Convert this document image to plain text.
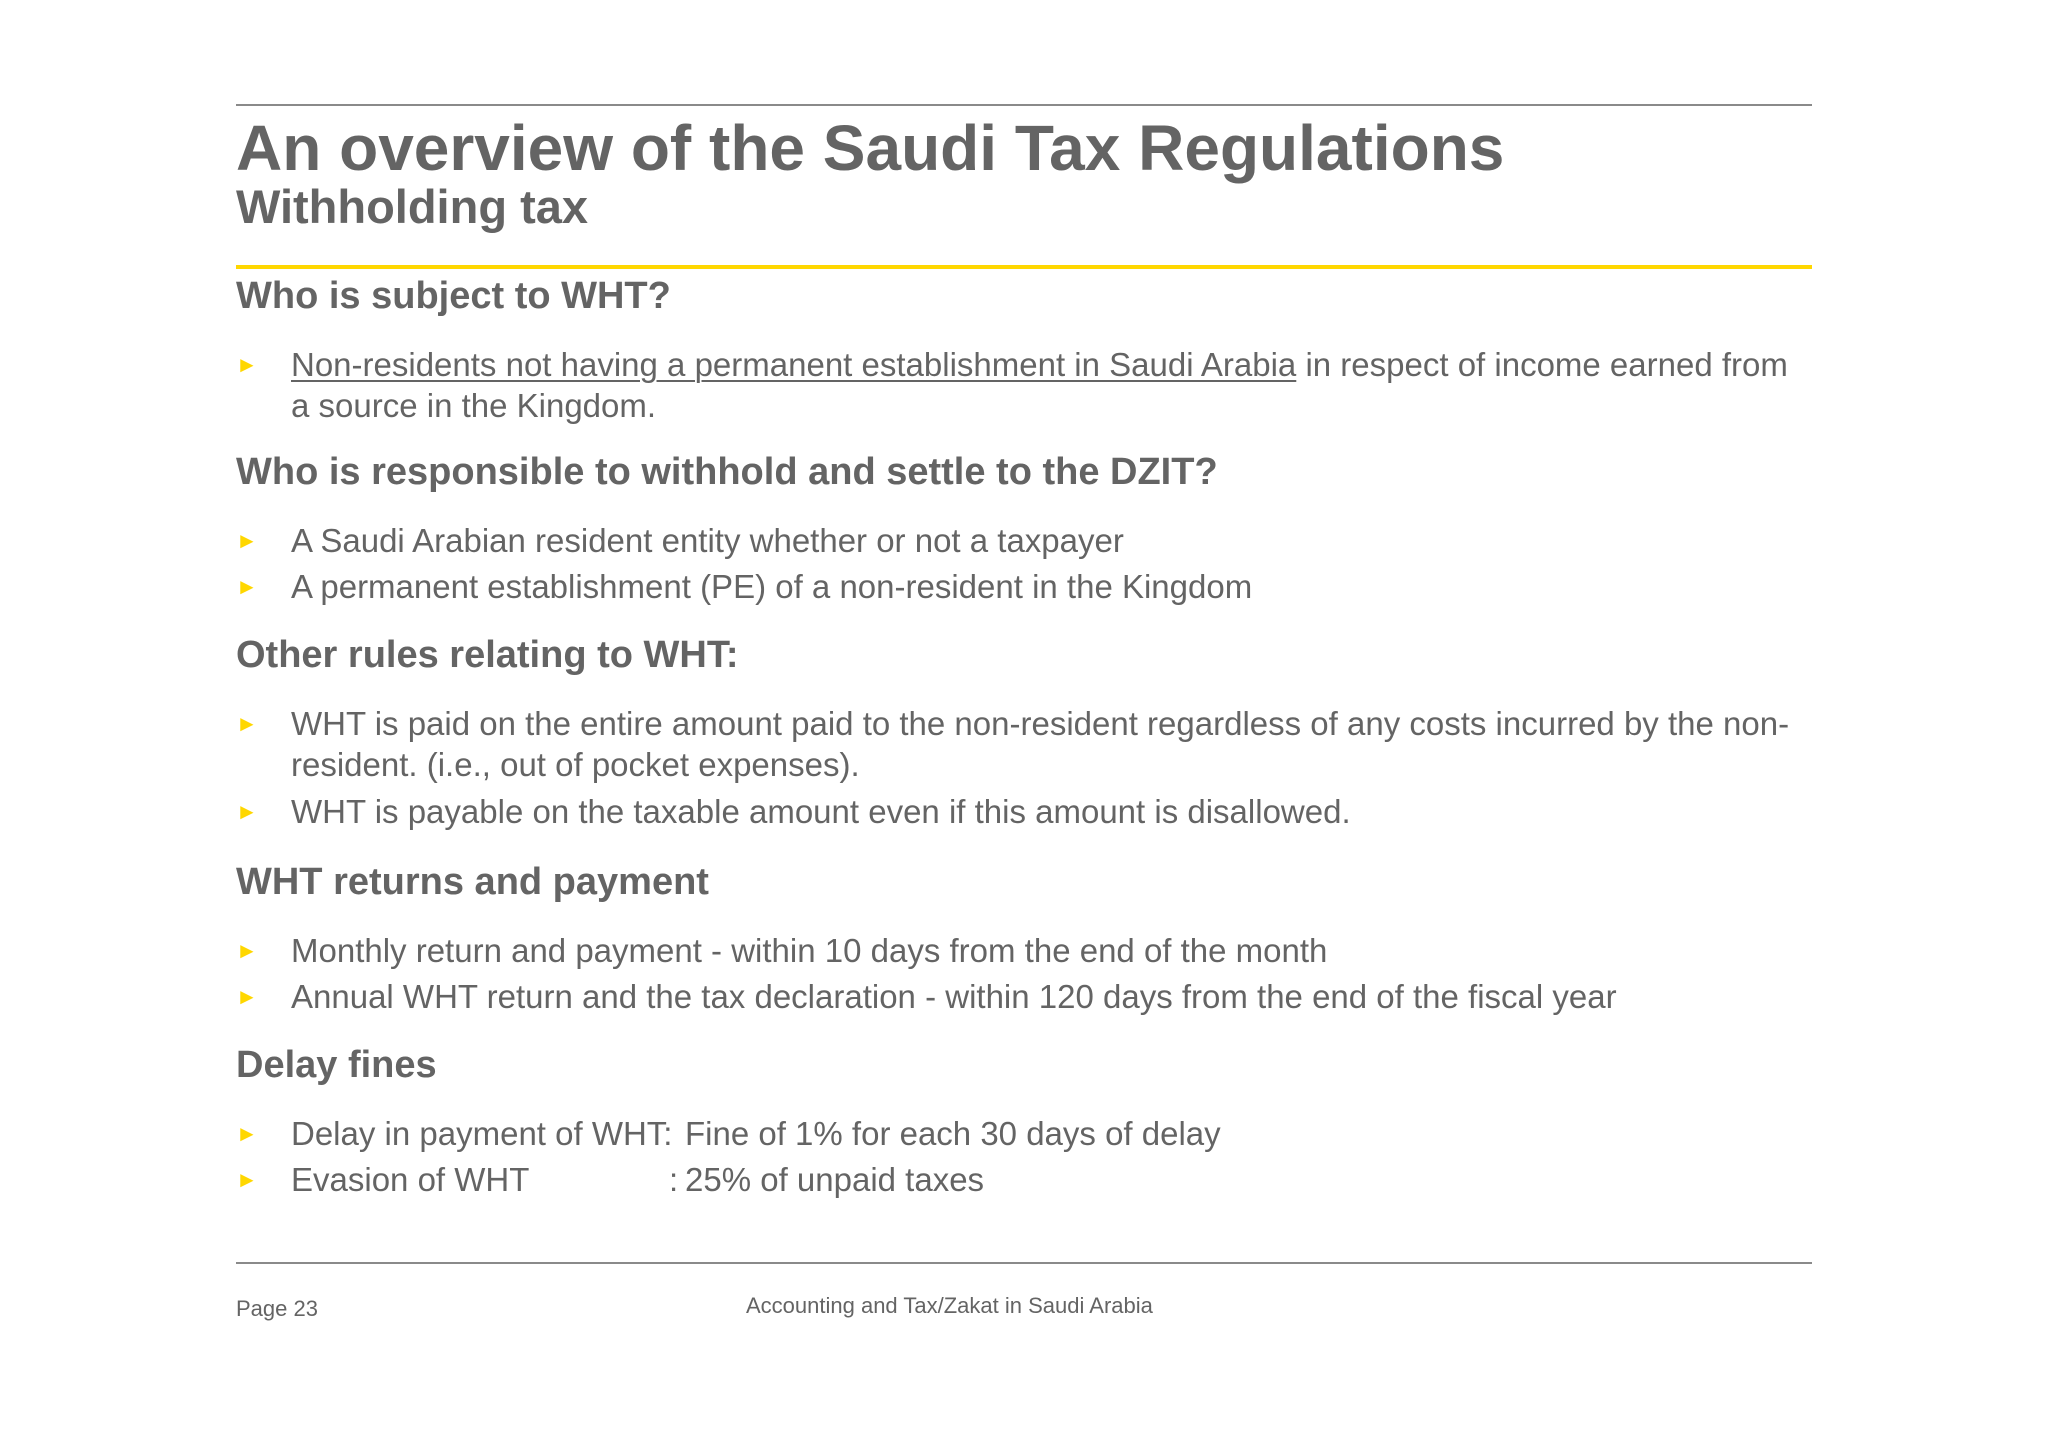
An overview of the Saudi Tax Regulations
Withholding tax
Who is subject to WHT?
► Non-residents not having a permanent establishment in Saudi Arabia in respect of income earned from a source in the Kingdom.
Who is responsible to withhold and settle to the DZIT?
► A Saudi Arabian resident entity whether or not a taxpayer
► A permanent establishment (PE) of a non-resident in the Kingdom
Other rules relating to WHT:
► WHT is paid on the entire amount paid to the non-resident regardless of any costs incurred by the non-resident. (i.e., out of pocket expenses).
► WHT is payable on the taxable amount even if this amount is disallowed.
WHT returns and payment
► Monthly return and payment - within 10 days from the end of the month
► Annual WHT return and the tax declaration - within 120 days from the end of the fiscal year
Delay fines
► Delay in payment of WHT: Fine of 1% for each 30 days of delay
► Evasion of WHT	: 25% of unpaid taxes
Page 23	Accounting and Tax/Zakat in Saudi Arabia
